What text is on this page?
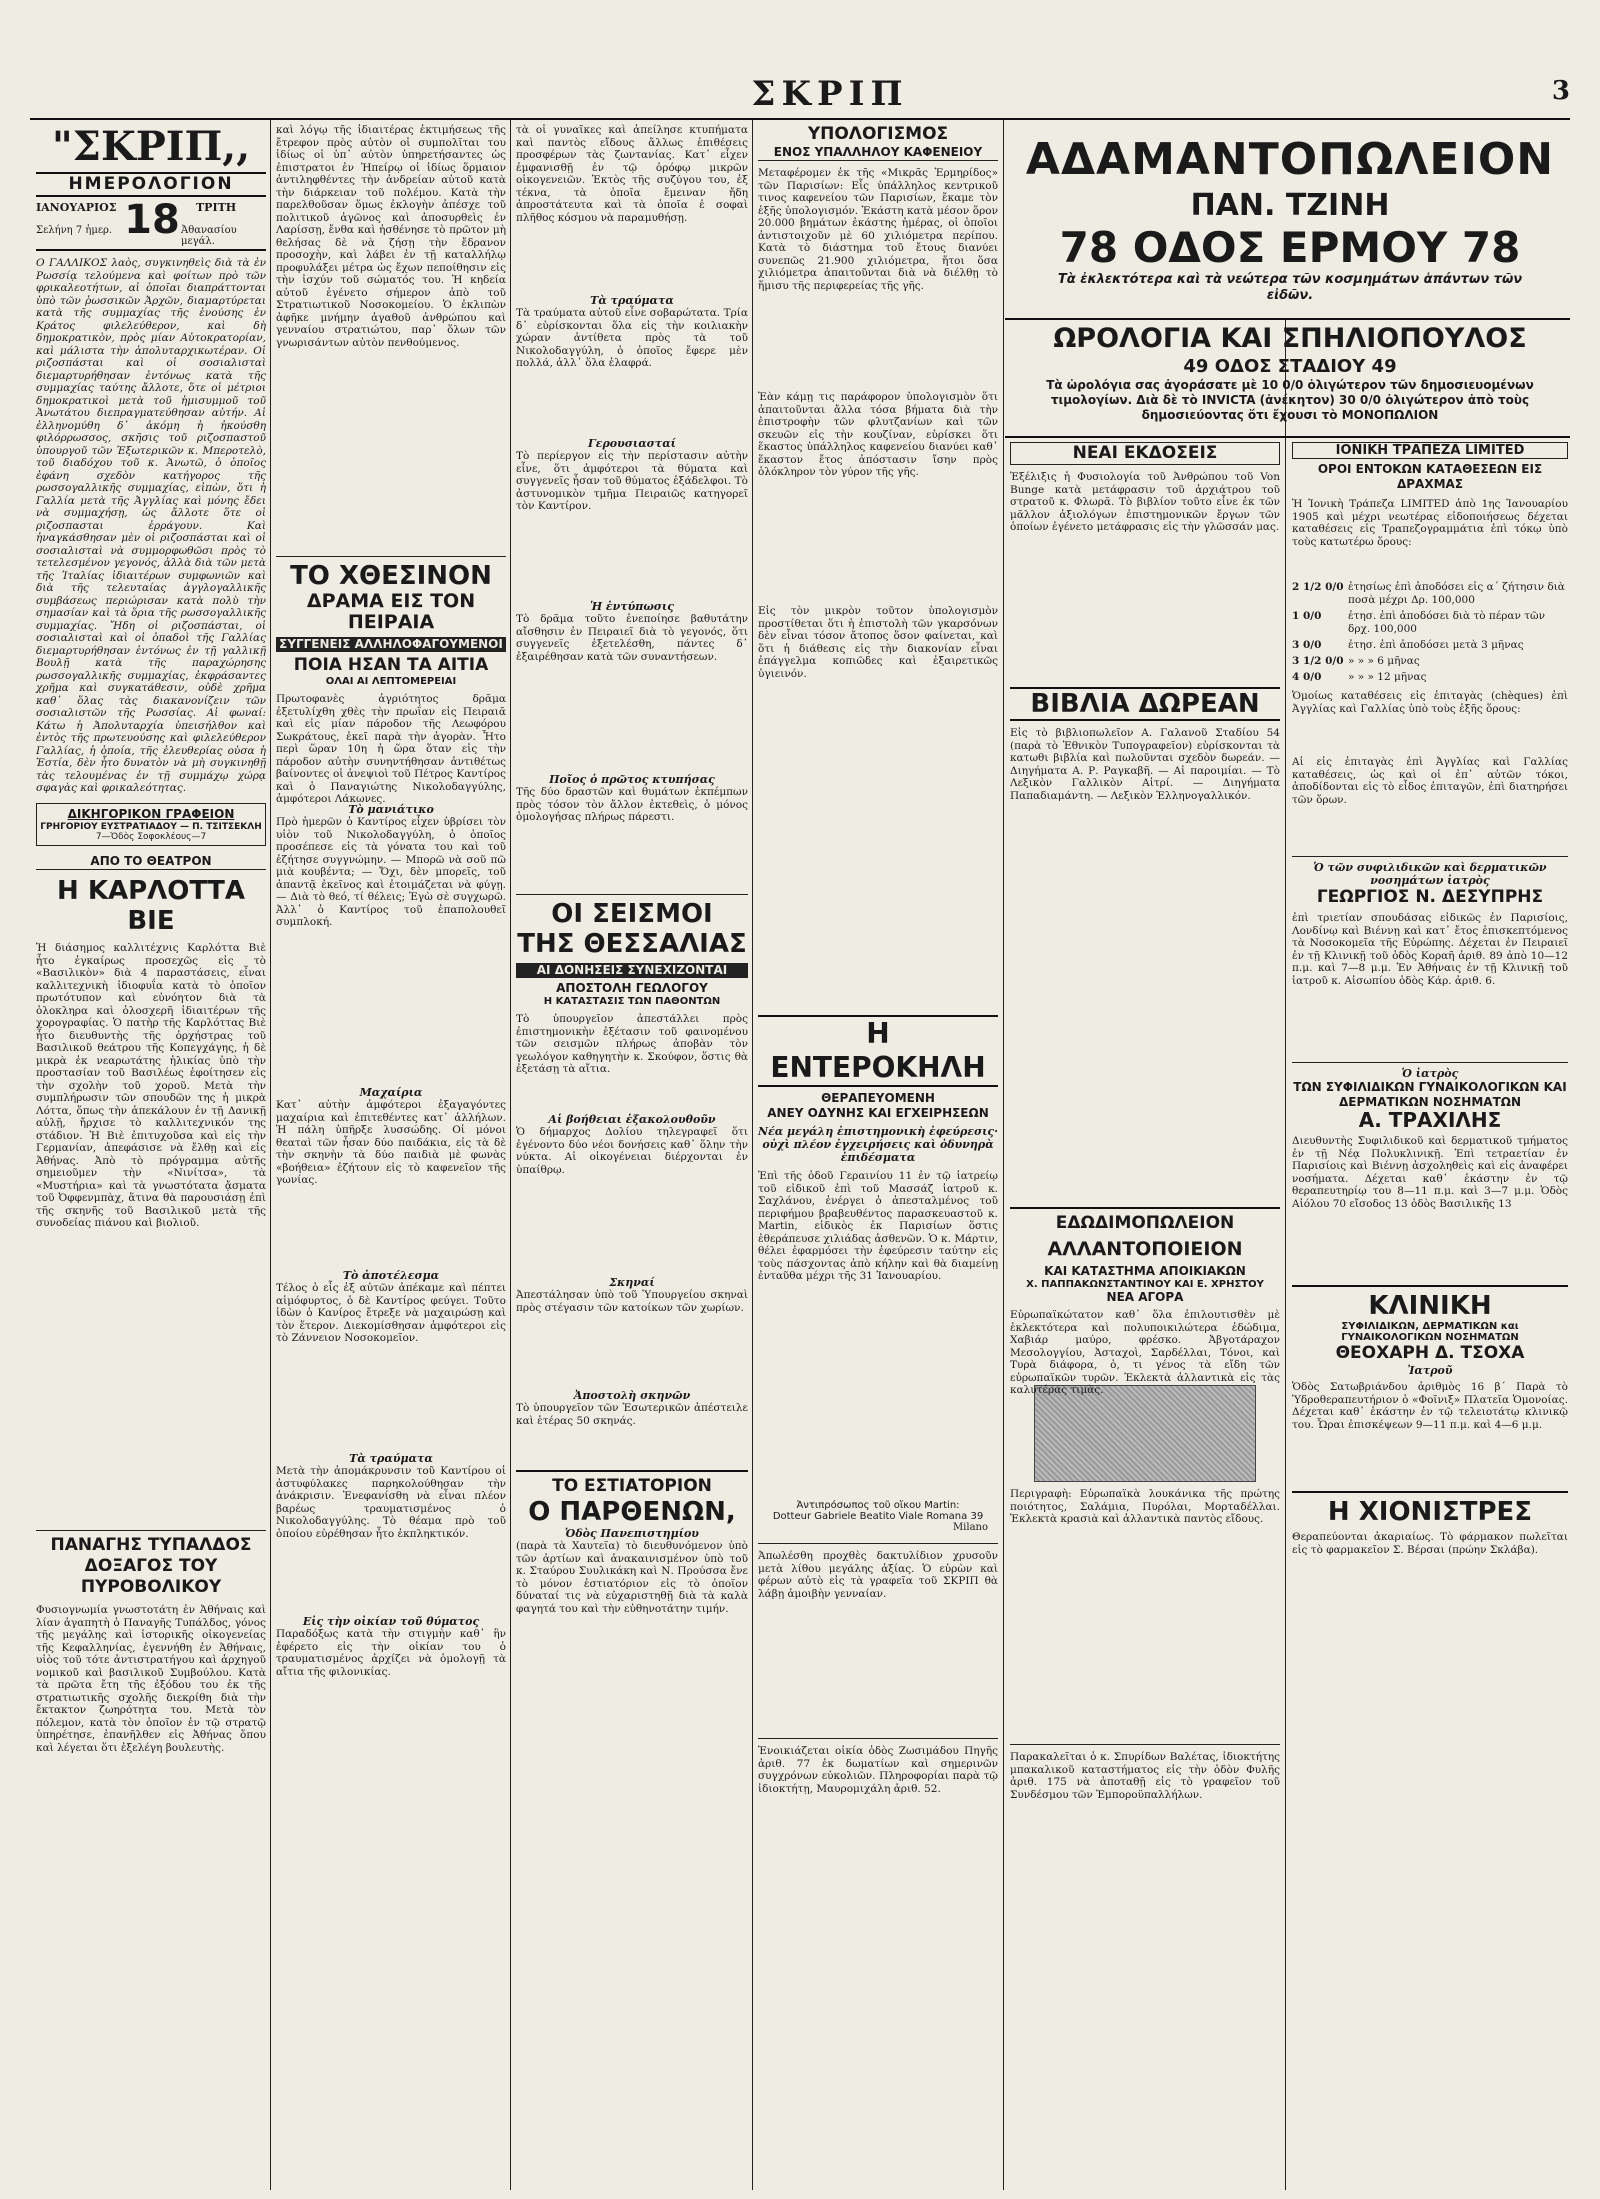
ΣΚΡΙΠ	3
"ΣΚΡΙΠ,,
ΗΜΕΡΟΛΟΓΙΟΝ
ΙΑΝΟΥΑΡΙΟΣ 18 ΤΡΙΤΗ
Σελήνη 7 ἡμερ.	Ἀθανασίου μεγάλ.
Ο ΓΑΛΛΙΚΟΣ λαὸς, συγκινηθεὶς διὰ τὰ ἐν Ρωσσίᾳ τελούμενα καὶ φοίτων πρὸ τῶν φρικαλεοτήτων, αἱ ὁποῖαι διαπράττονται ὑπὸ τῶν ῥωσσικῶν Ἀρχῶν, διαμαρτύρεται κατὰ τῆς συμμαχίας τῆς ἐνούσης ἐν Κράτος φιλελεύθερον, καὶ δὴ δημοκρατικὸν, πρὸς μίαν Αὐτοκρατορίαν, καὶ μάλιστα τὴν ἀπολυταρχικωτέραν. Οἱ ριζοσπάσται καὶ οἱ σοσιαλισταὶ διεμαρτυρήθησαν ἐντόνως κατὰ τῆς συμμαχίας ταύτης ἄλλοτε, ὅτε οἱ μέτριοι δημοκρατικοὶ μετὰ τοῦ ἡμισυμμοῦ τοῦ Ἀνωτάτου διεπραγματεύθησαν αὐτήν. Αἱ ἐλληνομύθη δ᾽ ἀκόμη ἡ ἠκούσθη φιλόρρωσσος, σκῆσις τοῦ ριζοσπαστοῦ ὑπουργοῦ τῶν Ἐξωτερικῶν κ. Μπεροτελὸ, τοῦ διαδόχου τοῦ κ. Ἀνωτῶ, ὁ ὁποῖος ἐφάνη σχεδὸν κατήγορος τῆς ρωσσογαλλικῆς συμμαχίας, εἰπὼν, ὅτι ἡ Γαλλία μετὰ τῆς Ἀγγλίας καὶ μόνης ἔδει νὰ συμμαχήσῃ, ὡς ἄλλοτε ὅτε οἱ ριζοσπασται ἐρράγουν. Καὶ ἠναγκάσθησαν μὲν οἱ ριζοσπάσται καὶ οἱ σοσιαλισταὶ νὰ συμμορφωθῶσι πρὸς τὸ τετελεσμένον γεγονός, ἀλλὰ διὰ τῶν μετὰ τῆς Ἰταλίας ἰδιαιτέρων συμφωνιῶν καὶ διὰ τῆς τελευταίας ἀγγλογαλλικῆς συμβάσεως περιώρισαν κατὰ πολὺ τὴν σημασίαν καὶ τὰ ὅρια τῆς ρωσσογαλλικῆς συμμαχίας. Ἤδη οἱ ριζοσπάσται, οἱ σοσιαλισταὶ καὶ οἱ ὀπαδοὶ τῆς Γαλλίας διεμαρτυρήθησαν ἐντόνως ἐν τῇ γαλλικῇ Βουλῇ κατὰ τῆς παραχώρησης ρωσσογαλλικῆς συμμαχίας, ἐκφράσαντες χρῆμα καὶ συγκατάθεσιν, οὐδὲ χρῆμα καθ᾽ ὅλας τὰς διακανονίζειν τῶν σοσιαλιστῶν τῆς Ρωσσίας. Αἱ φωναί: Κάτω ἡ Ἀπολυταρχία ὑπεισήλθον καὶ ἐντὸς τῆς πρωτευούσης καὶ φιλελεύθερον Γαλλίας, ἡ ὁποία, τῆς ἐλευθερίας οὐσα ἡ Ἑστία, δὲν ἦτο δυνατὸν νὰ μὴ συγκινηθῇ τὰς τελουμένας ἐν τῇ συμμάχῳ χώρᾳ σφαγὰς καὶ φρικαλεότητας.
ΔΙΚΗΓΟΡΙΚΟΝ ΓΡΑΦΕΙΟΝ
ΓΡΗΓΟΡΙΟΥ ΕΥΣΤΡΑΤΙΑΔΟΥ — Π. ΤΣΙΤΣΕΚΛΗ
7—Ὁδὸς Σοφοκλέους—7
ΑΠΟ ΤΟ ΘΕΑΤΡΟΝ
Η ΚΑΡΛΟΤΤΑ ΒΙΕ
Ἡ διάσημος καλλιτέχνις Καρλόττα Βιὲ ἦτο ἐγκαίρως προσεχῶς εἰς τὸ «Βασιλικὸν» διὰ 4 παραστάσεις, εἶναι καλλιτεχνικὴ ἰδιοφυΐα κατὰ τὸ ὁποῖον πρωτότυπον καὶ εὐνόητον διὰ τὰ ὁλοκληρα καὶ ὁλοσχερῆ ἰδιαιτέρων τῆς χορογραφίας. Ὁ πατὴρ τῆς Καρλόττας Βιὲ ἦτο διευθυντὴς τῆς ὀρχήστρας τοῦ Βασιλικοῦ θεάτρου τῆς Κοπεγχάγης, ἡ δὲ μικρὰ ἐκ νεαρωτάτης ἡλικίας ὑπὸ τὴν προστασίαν τοῦ Βασιλέως ἐφοίτησεν εἰς τὴν σχολὴν τοῦ χοροῦ. Μετὰ τὴν συμπλήρωσιν τῶν σπουδῶν της ἡ μικρὰ Λόττα, ὅπως τὴν ἀπεκάλουν ἐν τῇ Δανικῇ αὐλῇ, ἤρχισε τὸ καλλιτεχνικόν της στάδιον. Ἡ Βιὲ ἐπιτυχοῦσα καὶ εἰς τὴν Γερμανίαν, ἀπεφάσισε νὰ ἔλθῃ καὶ εἰς Ἀθήνας. Ἀπὸ τὸ πρόγραμμα αὐτῆς σημειοῦμεν τὴν «Νινίτσα», τὰ «Μυστήρια» καὶ τὰ γνωστότατα ᾄσματα τοῦ Ὀφφενμπὰχ, ἅτινα θὰ παρουσιάσῃ ἐπὶ τῆς σκηνῆς τοῦ Βασιλικοῦ μετὰ τῆς συνοδείας πιάνου καὶ βιολιοῦ.
ΠΑΝΑΓΗΣ ΤΥΠΑΛΔΟΣ
ΔΟΞΑΓΟΣ ΤΟΥ ΠΥΡΟΒΟΛΙΚΟΥ
Φυσιογνωμία γνωστοτάτη ἐν Ἀθήναις καὶ λίαν ἀγαπητὴ ὁ Παναγῆς Τυπάλδος, γόνος τῆς μεγάλης καὶ ἱστορικῆς οἰκογενείας τῆς Κεφαλληνίας, ἐγεννήθη ἐν Ἀθήναις, υἱὸς τοῦ τότε ἀντιστρατήγου καὶ ἀρχηγοῦ νομικοῦ καὶ βασιλικοῦ Συμβούλου. Κατὰ τὰ πρῶτα ἔτη τῆς ἐξόδου του ἐκ τῆς στρατιωτικῆς σχολῆς διεκρίθη διὰ τὴν ἔκτακτον ζωηρότητα του. Μετὰ τὸν πόλεμον, κατὰ τὸν ὁποῖον ἐν τῷ στρατῷ ὑπηρέτησε, ἐπανῆλθεν εἰς Ἀθήνας ὅπου καὶ λέγεται ὅτι ἐξελέγη βουλευτὴς.
καὶ λόγῳ τῆς ἰδιαιτέρας ἐκτιμήσεως τῆς ἔτρεφον πρὸς αὐτὸν οἱ συμπολῖται του ἰδίως οἱ ὑπ᾽ αὐτὸν ὑπηρετήσαντες ὡς ἐπιστρατοι ἐν Ἠπείρῳ οἱ ἰδίως ὅρμαιον ἀντιληφθέντες τὴν ἀνδρείαν αὐτοῦ κατὰ τὴν διάρκειαν τοῦ πολέμου. Κατὰ τὴν παρελθοῦσαν ὅμως ἐκλογὴν ἀπέσχε τοῦ πολιτικοῦ ἀγῶνος καὶ ἀποσυρθεὶς ἐν Λαρίσσῃ, ἔνθα καὶ ἠσθένησε τὸ πρῶτον μὴ θελήσας δὲ νὰ ζήσῃ τὴν ἔδρανον προσοχὴν, καὶ λάβει ἐν τῇ καταλλήλῳ προφυλάξει μέτρα ὡς ἔχων πεποίθησιν εἰς τὴν ἰσχύν τοῦ σώματός του. Ἡ κηδεία αὐτοῦ ἐγένετο σήμερον ἀπὸ τοῦ Στρατιωτικοῦ Νοσοκομείου. Ὁ ἐκλιπὼν ἀφῆκε μνήμην ἀγαθοῦ ἀνθρώπου καὶ γενναίου στρατιώτου, παρ᾽ ὅλων τῶν γνωρισάντων αὐτὸν πενθούμενος.
ΤΟ ΧΘΕΣΙΝΟΝ
ΔΡΑΜΑ ΕΙΣ ΤΟΝ ΠΕΙΡΑΙΑ
ΣΥΓΓΕΝΕΙΣ ΑΛΛΗΛΟΦΑΓΟΥΜΕΝΟΙ
ΠΟΙΑ ΗΣΑΝ ΤΑ ΑΙΤΙΑ
ΟΛΑΙ ΑΙ ΛΕΠΤΟΜΕΡΕΙΑΙ
Πρωτοφανὲς ἀγριότητος δρᾶμα ἐξετυλίχθη χθὲς τὴν πρωΐαν εἰς Πειραιᾶ καὶ εἰς μίαν πάροδον τῆς Λεωφόρου Σωκράτους, ἐκεῖ παρὰ τὴν ἀγορὰν. Ἦτο περὶ ὥραν 10η ἡ ὥρα ὅταν εἰς τὴν πάροδον αὐτὴν συνηντήθησαν ἀντιθέτως βαίνοντες οἱ ἀνεψιοὶ τοῦ Πέτρος Καντίρος καὶ ὁ Παναγιώτης Νικολοδαγγύλης, ἀμφότεροι Λάκωνες.
Τὸ μανιάτικο
Πρὸ ἡμερῶν ὁ Καντίρος εἶχεν ὑβρίσει τὸν υἱὸν τοῦ Νικολοδαγγύλη, ὁ ὁποῖος προσέπεσε εἰς τὰ γόνατα του καὶ τοῦ ἐζήτησε συγγνώμην. — Μπορῶ νὰ σοῦ πῶ μιὰ κουβέντα; — Ὄχι, δὲν μπορεῖς, τοῦ ἀπαντᾷ ἐκεῖνος καὶ ἐτοιμάζεται νὰ φύγῃ. — Διὰ τὸ θεό, τί θέλεις; Ἐγὼ σὲ συγχωρῶ. Ἀλλ᾽ ὁ Καντίρος τοῦ ἐπαπολουθεῖ συμπλοκή.
Μαχαίρια
Κατ᾽ αὐτὴν ἀμφότεροι ἐξαγαγόντες μαχαίρια καὶ ἐπιτεθέντες κατ᾽ ἀλλήλων. Ἡ πάλη ὑπῆρξε λυσσώδης. Οἱ μόνοι θεαταὶ τῶν ἦσαν δύο παιδάκια, εἰς τὰ δὲ τὴν σκηνὴν τὰ δύο παιδιὰ μὲ φωνὰς «βοήθεια» ἐζήτουν εἰς τὸ καφενεῖον τῆς γωνίας.
Τὸ ἀποτέλεσμα
Τέλος ὁ εἷς ἐξ αὐτῶν ἀπέκαμε καὶ πέπτει αἱμόφυρτος, ὁ δὲ Καντίρος φεύγει. Τοῦτο ἰδὼν ὁ Κανίρος ἔτρεξε νὰ μαχαιρώσῃ καὶ τὸν ἕτερον. Διεκομίσθησαν ἀμφότεροι εἰς τὸ Ζάννειον Νοσοκομεῖον.
Τὰ τραύματα
Μετὰ τὴν ἀπομάκρυνσιν τοῦ Καντίρου οἱ ἀστυφύλακες παρηκολούθησαν τὴν ἀνάκρισιν. Ἐνεφανίσθη νὰ εἶναι πλέον βαρέως τραυματισμένος ὁ Νικολοδαγγύλης. Τὸ θέαμα πρὸ τοῦ ὁποίου εὑρέθησαν ἦτο ἐκπληκτικόν.
Εἰς τὴν οἰκίαν τοῦ θύματος
Παραδόξως κατὰ τὴν στιγμὴν καθ᾽ ἣν ἐφέρετο εἰς τὴν οἰκίαν του ὁ τραυματισμένος ἀρχίζει νὰ ὁμολογῇ τὰ αἴτια τῆς φιλονικίας.
τὰ οἱ γυναῖκες καὶ ἀπείλησε κτυπήματα καὶ παντὸς εἴδους ἄλλως ἐπιθέσεις προσφέρων τὰς ζωντανίας. Κατ᾽ εἶχεν ἐμφανισθῇ ἐν τῷ ὀρόφῳ μικρῶν οἰκογενειῶν. Ἐκτὸς τῆς συζύγου του, ἐξ τέκνα, τὰ ὁποῖα ἔμειναν ἤδη ἀπροστάτευτα καὶ τὰ ὁποῖα ἐ σοφαὶ πλῆθος κόσμου νὰ παραμυθήσῃ.
Τὰ τραύματα
Τὰ τραύματα αὐτοῦ εἶνε σοβαρώτατα. Τρία δ᾽ εὑρίσκονται ὅλα εἰς τὴν κοιλιακὴν χώραν ἀντίθετα πρὸς τὰ τοῦ Νικολοδαγγύλη, ὁ ὁποῖος ἔφερε μὲν πολλά, ἀλλ᾽ ὅλα ἐλαφρά.
Γερουσιασταί
Τὸ περίεργον εἰς τὴν περίστασιν αὐτὴν εἶνε, ὅτι ἀμφότεροι τὰ θύματα καὶ συγγενεῖς ἦσαν τοῦ θύματος ἐξάδελφοι. Τὸ ἀστυνομικὸν τμῆμα Πειραιῶς κατηγορεῖ τὸν Καντίρον.
Ἡ ἐντύπωσις
Τὸ δρᾶμα τοῦτο ἐνεποίησε βαθυτάτην αἴσθησιν ἐν Πειραιεῖ διὰ τὸ γεγονός, ὅτι συγγενεῖς ἐξετελέσθη, πάντες δ᾽ ἐξαιρέθησαν κατὰ τῶν συναντήσεων.
Ποῖος ὁ πρῶτος κτυπήσας
Τῆς δύο δραστῶν καὶ θυμάτων ἐκπέμπων πρὸς τόσον τὸν ἄλλον ἐκτεθεὶς, ὁ μόνος ὁμολογήσας πλήρως πάρεστι.
ΟΙ ΣΕΙΣΜΟΙ
ΤΗΣ ΘΕΣΣΑΛΙΑΣ
ΑΙ ΔΟΝΗΣΕΙΣ ΣΥΝΕΧΙΖΟΝΤΑΙ
ΑΠΟΣΤΟΛΗ ΓΕΩΛΟΓΟΥ
Η ΚΑΤΑΣΤΑΣΙΣ ΤΩΝ ΠΑΘΟΝΤΩΝ
Τὸ ὑπουργεῖον ἀπεστάλλει πρὸς ἐπιστημονικὴν ἐξέτασιν τοῦ φαινομένου τῶν σεισμῶν πλήρως ἀποβὰν τὸν γεωλόγον καθηγητὴν κ. Σκούφον, ὅστις θὰ ἐξετάσῃ τὰ αἴτια.
Αἱ βοήθειαι ἐξακολουθοῦν
Ὁ δήμαρχος Δολίου τηλεγραφεῖ ὅτι ἐγένοντο δύο νέοι δονήσεις καθ᾽ ὅλην τὴν νύκτα. Αἱ οἰκογένειαι διέρχονται ἐν ὑπαίθρῳ.
Σκηναί
Ἀπεστάλησαν ὑπὸ τοῦ Ὑπουργείου σκηναὶ πρὸς στέγασιν τῶν κατοίκων τῶν χωρίων.
Ἀποστολὴ σκηνῶν
Τὸ ὑπουργεῖον τῶν Ἐσωτερικῶν ἀπέστειλε καὶ ἑτέρας 50 σκηνάς.
ΤΟ ΕΣΤΙΑΤΟΡΙΟΝ
Ο ΠΑΡΘΕΝΩΝ,
Ὁδὸς Πανεπιστημίου
(παρὰ τὰ Χαυτεῖα) τὸ διευθυνόμενον ὑπὸ τῶν ἀρτίων καὶ ἀνακαινισμένον ὑπὸ τοῦ κ. Σταύρου Συυλικάκη καὶ Ν. Προύσσα ἔνε τὸ μόνον ἐστιατόριον εἰς τὸ ὁποῖον δύναταί τις νὰ εὐχαριστηθῇ διὰ τὰ καλὰ φαγητά του καὶ τὴν εὐθηνοτάτην τιμήν.
ΥΠΟΛΟΓΙΣΜΟΣ
ΕΝΟΣ ΥΠΑΛΛΗΛΟΥ ΚΑΦΕΝΕΙΟΥ
Μεταφέρομεν ἐκ τῆς «Μικρᾶς Ἑρμηρίδος» τῶν Παρισίων: Εἷς ὑπάλληλος κεντρικοῦ τινος καφενείου τῶν Παρισίων, ἔκαμε τὸν ἑξῆς ὑπολογισμόν. Ἐκάστη κατὰ μέσον ὅρον 20.000 βημάτων ἐκάστης ἡμέρας, οἱ ὁποῖοι ἀντιστοιχοῦν μὲ 60 χιλιόμετρα περίπου. Κατὰ τὸ διάστημα τοῦ ἔτους διανύει συνεπῶς 21.900 χιλιόμετρα, ἥτοι ὅσα χιλιόμετρα ἀπαιτοῦνται διὰ νὰ διέλθῃ τὸ ἥμισυ τῆς περιφερείας τῆς γῆς.
Ἐὰν κάμῃ τις παράφορον ὑπολογισμὸν ὅτι ἀπαιτοῦνται ἄλλα τόσα βήματα διὰ τὴν ἐπιστροφὴν τῶν φλυτζανίων καὶ τῶν σκευῶν εἰς τὴν κουζίναν, εὑρίσκει ὅτι ἕκαστος ὑπάλληλος καφενείου διανύει καθ᾽ ἕκαστον ἔτος ἀπόστασιν ἴσην πρὸς ὁλόκληρον τὸν γύρον τῆς γῆς.
Εἰς τὸν μικρὸν τοῦτον ὑπολογισμὸν προστίθεται ὅτι ἡ ἐπιστολὴ τῶν γκαρσόνων δὲν εἶναι τόσον ἄτοπος ὅσον φαίνεται, καὶ ὅτι ἡ διάθεσις εἰς τὴν διακονίαν εἶναι ἐπάγγελμα κοπιῶδες καὶ ἐξαιρετικῶς ὑγιεινόν.
Η ΕΝΤΕΡΟΚΗΛΗ
ΘΕΡΑΠΕΥΟΜΕΝΗ
ΑΝΕΥ ΟΔΥΝΗΣ ΚΑΙ ΕΓΧΕΙΡΗΣΕΩΝ
Νέα μεγάλη ἐπιστημονικὴ ἐφεύρεσις· οὐχὶ πλέον ἐγχειρήσεις καὶ ὀδυνηρὰ ἐπιδέσματα
Ἐπὶ τῆς ὁδοῦ Γεραινίου 11 ἐν τῷ ἰατρείῳ τοῦ εἰδικοῦ ἐπὶ τοῦ Μασσάζ ἰατροῦ κ. Σαχλάνου, ἐνέργει ὁ ἀπεσταλμένος τοῦ περιφήμου βραβευθέντος παρασκευαστοῦ κ. Martin, εἰδικὸς ἐκ Παρισίων ὅστις ἐθεράπευσε χιλιάδας ἀσθενῶν. Ὁ κ. Μάρτιν, θέλει ἐφαρμόσει τὴν ἐφεύρεσιν ταύτην εἰς τοὺς πάσχοντας ἀπὸ κήλην καὶ θὰ διαμείνῃ ἐνταῦθα μέχρι τῆς 31 Ἰανουαρίου.
Ἀντιπρόσωπος τοῦ οἴκου Martin:
Dotteur Gabriele Beatito Viale Romana 39
Milano
Ἀπωλέσθη προχθὲς δακτυλίδιον χρυσοῦν μετὰ λίθου μεγάλης ἀξίας. Ὁ εὑρὼν καὶ φέρων αὐτὸ εἰς τὰ γραφεῖα τοῦ ΣΚΡΙΠ θὰ λάβῃ ἀμοιβὴν γενναίαν.
Ἐνοικιάζεται οἰκία ὁδὸς Ζωσιμάδου Πηγῆς ἀριθ. 77 ἐκ δωματίων καὶ σημερινῶν συγχρόνων εὐκολιῶν. Πληροφορίαι παρὰ τῷ ἰδιοκτήτῃ, Μαυρομιχάλη ἀριθ. 52.
ΑΔΑΜΑΝΤΟΠΩΛΕΙΟΝ
ΠΑΝ. ΤΖΙΝΗ
78 ΟΔΟΣ ΕΡΜΟΥ 78
Τὰ ἐκλεκτότερα καὶ τὰ νεώτερα τῶν κοσμημάτων ἁπάντων τῶν εἰδῶν.
ΩΡΟΛΟΓΙΑ ΚΑΙ ΣΠΗΛΙΟΠΟΥΛΟΣ
49 ΟΔΟΣ ΣΤΑΔΙΟΥ 49
Τὰ ὡρολόγια σας ἀγοράσατε μὲ 10 0/0 ὀλιγώτερον τῶν δημοσιευομένων τιμολογίων. Διὰ δὲ τὸ INVICTA (ἀνέκητον) 30 0/0 ὀλιγώτερον ἀπὸ τοὺς δημοσιεύοντας ὅτι ἔχουσι τὸ ΜΟΝΟΠΩΛΙΟΝ
ΝΕΑΙ ΕΚΔΟΣΕΙΣ
Ἐξέλιξις ἡ Φυσιολογία τοῦ Ἀνθρώπου τοῦ Von Bunge κατὰ μετάφρασιν τοῦ ἀρχιάτρου τοῦ στρατοῦ κ. Φλωρᾶ. Τὸ βιβλίον τοῦτο εἶνε ἐκ τῶν μᾶλλον ἀξιολόγων ἐπιστημονικῶν ἔργων τῶν ὁποίων ἐγένετο μετάφρασις εἰς τὴν γλῶσσάν μας.
ΒΙΒΛΙΑ ΔΩΡΕΑΝ
Εἰς τὸ βιβλιοπωλεῖον Α. Γαλανοῦ Σταδίου 54 (παρὰ τὸ Ἐθνικὸν Τυπογραφεῖον) εὑρίσκονται τὰ κατωθι βιβλία καὶ πωλοῦνται σχεδὸν δωρεάν. — Διηγήματα Α. Ρ. Ραγκαβῆ. — Αἱ παροιμίαι. — Τὸ Λεξικὸν Γαλλικὸν Αἰτρί. — Διηγήματα Παπαδιαμάντη. — Λεξικὸν Ἑλληνογαλλικόν.
ΕΔΩΔΙΜΟΠΩΛΕΙΟΝ
ΑΛΛΑΝΤΟΠΟΙΕΙΟΝ
ΚΑΙ ΚΑΤΑΣΤΗΜΑ ΑΠΟΙΚΙΑΚΩΝ
Χ. ΠΑΠΠΑΚΩΝΣΤΑΝΤΙΝΟΥ ΚΑΙ Ε. ΧΡΗΣΤΟΥ
ΝΕΑ ΑΓΟΡΑ
Εὐρωπαϊκώτατον καθ᾽ ὅλα ἐπιλουτισθὲν μὲ ἐκλεκτότερα καὶ πολυποικιλώτερα ἐδώδιμα, Χαβιάρ μαύρο, φρέσκο. Ἀβγοτάραχον Μεσολογγίου, Ἀσταχοὶ, Σαρδέλλαι, Τόνοι, καὶ Τυρὰ διάφορα, ὁ, τι γένος τὰ εἴδη τῶν εὐρωπαϊκῶν τυρῶν. Ἐκλεκτὰ ἀλλαντικὰ εἰς τὰς καλυτέρας τιμὰς.
Περιγραφὴ: Εὐρωπαϊκὰ λουκάνικα τῆς πρώτης ποιότητος, Σαλάμια, Πυρόλαι, Μορταδέλλαι. Ἐκλεκτὰ κρασιὰ καὶ ἀλλαντικὰ παντὸς εἴδους.
Παρακαλεῖται ὁ κ. Σπυρίδων Βαλέτας, ἰδιοκτήτης μπακαλικοῦ καταστήματος εἰς τὴν ὁδὸν Φυλῆς ἀριθ. 175 νὰ ἀποταθῇ εἰς τὸ γραφεῖον τοῦ Συνδέσμου τῶν Ἐμποροϋπαλλήλων.
ΙΟΝΙΚΗ ΤΡΑΠΕΖΑ LIMITED
ΟΡΟΙ ΕΝΤΟΚΩΝ ΚΑΤΑΘΕΣΕΩΝ ΕΙΣ ΔΡΑΧΜΑΣ
Ἡ Ἰονικὴ Τράπεζα LIMITED ἀπὸ 1ης Ἰανουαρίου 1905 καὶ μέχρι νεωτέρας εἰδοποιήσεως δέχεται καταθέσεις εἰς Τραπεζογραμμάτια ἐπὶ τόκῳ ὑπὸ τοὺς κατωτέρω ὅρους:
2 1/2 0/0 ἐτησίως ἐπὶ ἀποδόσει εἰς α΄ ζήτησιν διὰ ποσὰ μέχρι Δρ. 100,000
1 0/0	ἐτησ. ἐπὶ ἀποδόσει διὰ τὸ πέραν τῶν δρχ. 100,000
3 0/0	ἐτησ. ἐπὶ ἀποδόσει μετὰ 3 μῆνας
3 1/2 0/0 » » » 6 μῆνας
4 0/0	» » » 12 μῆνας
Ὁμοίως καταθέσεις εἰς ἐπιταγὰς (chèques) ἐπὶ Ἀγγλίας καὶ Γαλλίας ὑπὸ τοὺς ἑξῆς ὅρους:
Αἱ εἰς ἐπιταγὰς ἐπὶ Ἀγγλίας καὶ Γαλλίας καταθέσεις, ὡς καὶ οἱ ἐπ᾽ αὐτῶν τόκοι, ἀποδίδονται εἰς τὸ εἶδος ἐπιταγῶν, ἐπὶ διατηρήσει τῶν ὅρων.
Ὁ τῶν συφιλιδικῶν καὶ δερματικῶν νοσημάτων ἰατρὸς
ΓΕΩΡΓΙΟΣ Ν. ΔΕΣΥΠΡΗΣ
ἐπὶ τριετίαν σπουδάσας εἰδικῶς ἐν Παρισίοις, Λονδίνῳ καὶ Βιέννῃ καὶ κατ᾽ ἔτος ἐπισκεπτόμενος τὰ Νοσοκομεῖα τῆς Εὐρώπης. Δέχεται ἐν Πειραιεῖ ἐν τῇ Κλινικῇ τοῦ ὁδὸς Κοραῆ ἀριθ. 89 ἀπὸ 10—12 π.μ. καὶ 7—8 μ.μ. Ἐν Ἀθήναις ἐν τῇ Κλινικῇ τοῦ ἰατροῦ κ. Αἰσωπίου ὁδὸς Κάρ. ἀριθ. 6.
Ὁ ἰατρὸς
ΤΩΝ ΣΥΦΙΛΙΔΙΚΩΝ ΓΥΝΑΙΚΟΛΟΓΙΚΩΝ ΚΑΙ ΔΕΡΜΑΤΙΚΩΝ ΝΟΣΗΜΑΤΩΝ
Α. ΤΡΑΧΙΛΗΣ
Διευθυντὴς Συφιλιδικοῦ καὶ δερματικοῦ τμήματος ἐν τῇ Νέᾳ Πολυκλινικῇ. Ἐπὶ τετραετίαν ἐν Παρισίοις καὶ Βιέννῃ ἀσχοληθεὶς καὶ εἰς ἀναφέρει νοσήματα. Δέχεται καθ᾽ ἑκάστην ἐν τῷ θεραπευτηρίῳ του 8—11 π.μ. καὶ 3—7 μ.μ. Ὁδὸς Αἰόλου 70 εἴσοδος 13 ὁδὸς Βασιλικῆς 13
ΚΛΙΝΙΚΗ
ΣΥΦΙΛΙΔΙΚΩΝ, ΔΕΡΜΑΤΙΚΩΝ και ΓΥΝΑΙΚΟΛΟΓΙΚΩΝ ΝΟΣΗΜΑΤΩΝ
ΘΕΟΧΑΡΗ Δ. ΤΣΟΧΑ
Ἰατροῦ
Ὁδὸς Σατωβριάνδου ἀριθμὸς 16 β΄ Παρὰ τὸ Ὑδροθεραπευτήριον ὁ «Φοῖνιξ» Πλατεῖα Ὁμονοίας. Δέχεται καθ᾽ ἑκάστην ἐν τῷ τελειοτάτῳ κλινικῷ του. Ὧραι ἐπισκέψεων 9—11 π.μ. καὶ 4—6 μ.μ.
Η ΧΙΟΝΙΣΤΡΕΣ
Θεραπεύονται ἀκαριαίως. Τὸ φάρμακον πωλεῖται εἰς τὸ φαρμακεῖον Σ. Βέρσαι (πρώην Σκλάβα).
